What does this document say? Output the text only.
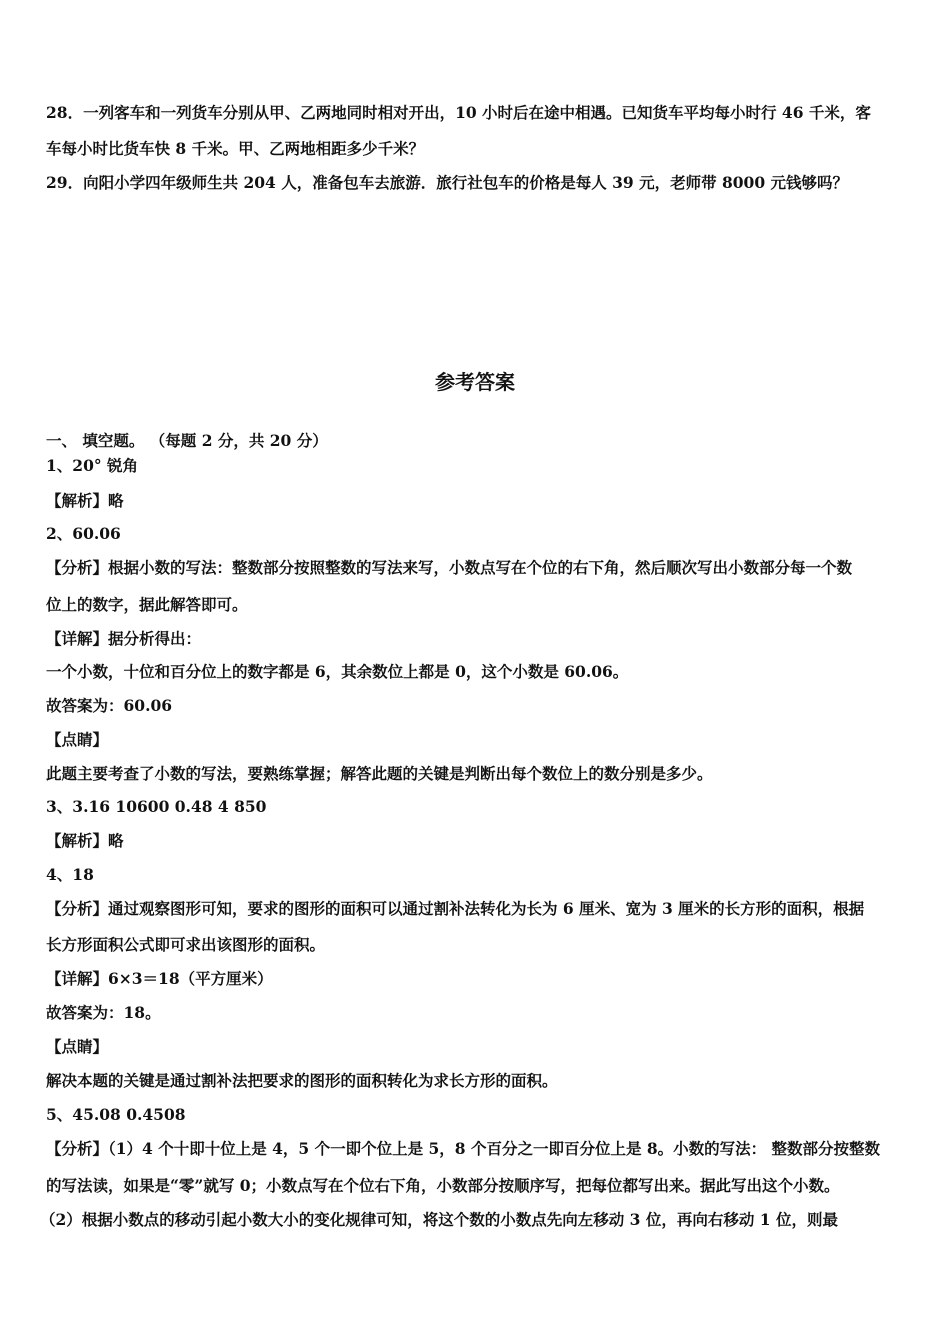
28．一列客车和一列货车分别从甲、乙两地同时相对开出，10 小时后在途中相遇。已知货车平均每小时行 46 千米，客
车每小时比货车快 8 千米。甲、乙两地相距多少千米？
29．向阳小学四年级师生共 204 人，准备包车去旅游．旅行社包车的价格是每人 39 元，老师带 8000 元钱够吗？
参考答案
一、 填空题。 （每题 2 分，共 20 分）
1、20° 锐角
【解析】略
2、60.06
【分析】根据小数的写法：整数部分按照整数的写法来写，小数点写在个位的右下角，然后顺次写出小数部分每一个数
位上的数字，据此解答即可。
【详解】据分析得出：
一个小数，十位和百分位上的数字都是 6，其余数位上都是 0，这个小数是 60.06。
故答案为：60.06
【点睛】
此题主要考查了小数的写法，要熟练掌握；解答此题的关键是判断出每个数位上的数分别是多少。
3、3.16 10600 0.48 4 850
【解析】略
4、18
【分析】通过观察图形可知，要求的图形的面积可以通过割补法转化为长为 6 厘米、宽为 3 厘米的长方形的面积，根据
长方形面积公式即可求出该图形的面积。
【详解】6×3＝18（平方厘米）
故答案为：18。
【点睛】
解决本题的关键是通过割补法把要求的图形的面积转化为求长方形的面积。
5、45.08 0.4508
【分析】（1）4 个十即十位上是 4，5 个一即个位上是 5，8 个百分之一即百分位上是 8。小数的写法： 整数部分按整数
的写法读，如果是“零”就写 0；小数点写在个位右下角，小数部分按顺序写，把每位都写出来。据此写出这个小数。
（2）根据小数点的移动引起小数大小的变化规律可知，将这个数的小数点先向左移动 3 位，再向右移动 1 位，则最
